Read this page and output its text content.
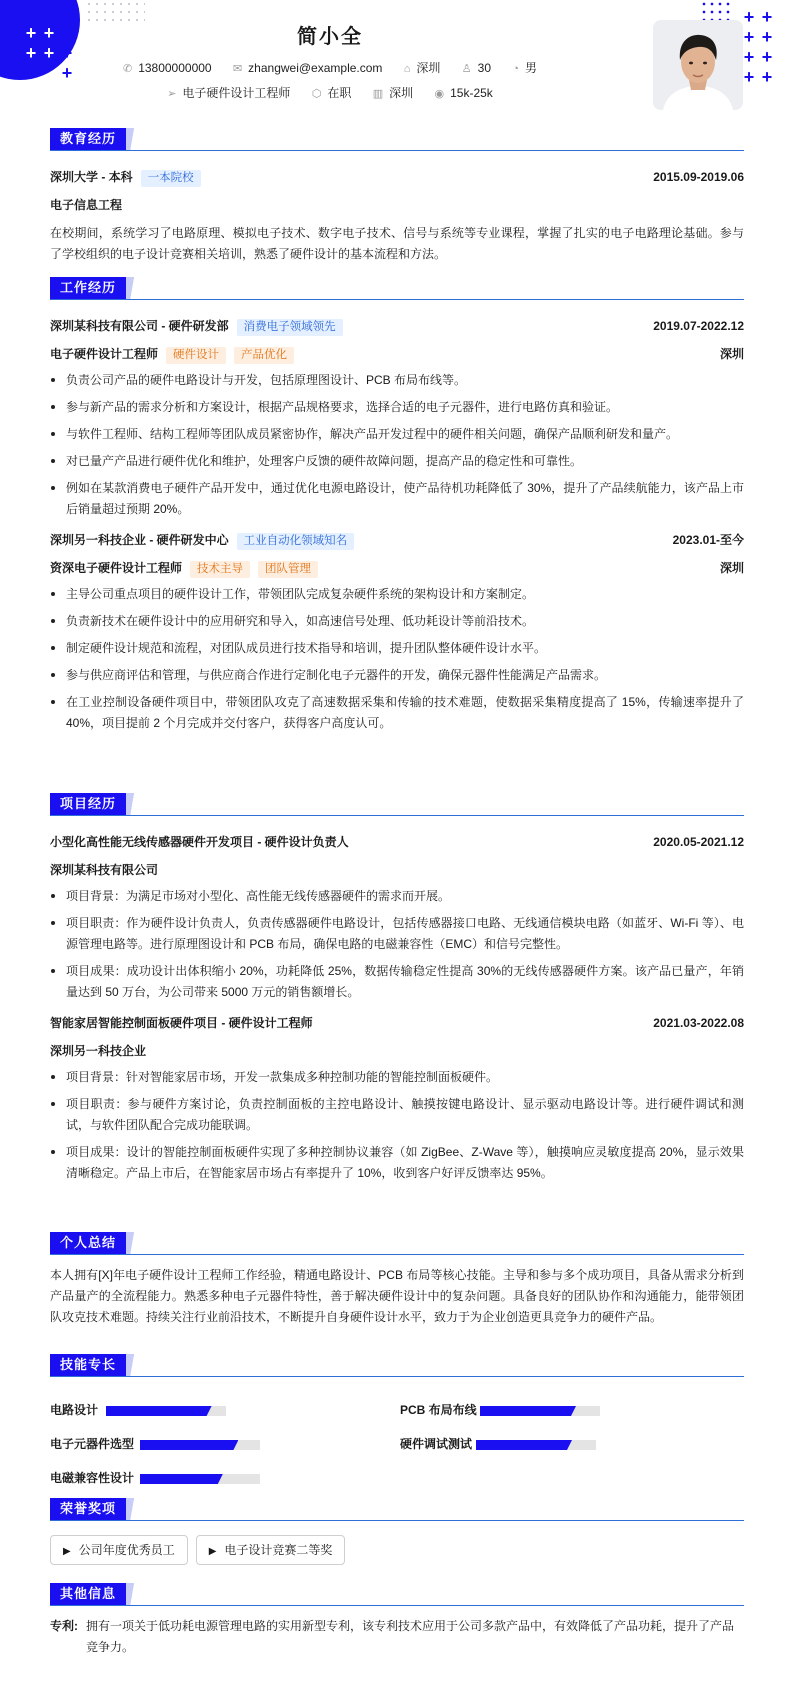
+ +
+ + +
+
+ +
+ +
+ +
+ +
简小全
✆ 13800000000 ✉ zhangwei@example.com ⌂ 深圳 ♙ 30 ◔ 男
➢ 电子硬件设计工程师 ⬡ 在职 ▥ 深圳 ◉ 15k-25k
教育经历
深圳大学 - 本科 一本院校	2015.09-2019.06
电子信息工程

在校期间，系统学习了电路原理、模拟电子技术、数字电子技术、信号与系统等专业课程，掌握了扎实的电子电路理论基础。参与了学校组织的电子设计竞赛相关培训，熟悉了硬件设计的基本流程和方法。

工作经历
深圳某科技有限公司 - 硬件研发部 消费电子领域领先	2019.07-2022.12
电子硬件设计工程师 硬件设计 产品优化	深圳
负责公司产品的硬件电路设计与开发，包括原理图设计、PCB 布局布线等。
参与新产品的需求分析和方案设计，根据产品规格要求，选择合适的电子元器件，进行电路仿真和验证。
与软件工程师、结构工程师等团队成员紧密协作，解决产品开发过程中的硬件相关问题，确保产品顺利研发和量产。
对已量产产品进行硬件优化和维护，处理客户反馈的硬件故障问题，提高产品的稳定性和可靠性。
例如在某款消费电子硬件产品开发中，通过优化电源电路设计，使产品待机功耗降低了 30%，提升了产品续航能力，该产品上市后销量超过预期 20%。
深圳另一科技企业 - 硬件研发中心 工业自动化领域知名	2023.01-至今
资深电子硬件设计工程师 技术主导 团队管理	深圳
主导公司重点项目的硬件设计工作，带领团队完成复杂硬件系统的架构设计和方案制定。
负责新技术在硬件设计中的应用研究和导入，如高速信号处理、低功耗设计等前沿技术。
制定硬件设计规范和流程，对团队成员进行技术指导和培训，提升团队整体硬件设计水平。
参与供应商评估和管理，与供应商合作进行定制化电子元器件的开发，确保元器件性能满足产品需求。
在工业控制设备硬件项目中，带领团队攻克了高速数据采集和传输的技术难题，使数据采集精度提高了 15%，传输速率提升了 40%，项目提前 2 个月完成并交付客户，获得客户高度认可。
项目经历
小型化高性能无线传感器硬件开发项目 - 硬件设计负责人	2020.05-2021.12
深圳某科技有限公司
项目背景：为满足市场对小型化、高性能无线传感器硬件的需求而开展。
项目职责：作为硬件设计负责人，负责传感器硬件电路设计，包括传感器接口电路、无线通信模块电路（如蓝牙、Wi-Fi 等）、电源管理电路等。进行原理图设计和 PCB 布局，确保电路的电磁兼容性（EMC）和信号完整性。
项目成果：成功设计出体积缩小 20%，功耗降低 25%，数据传输稳定性提高 30%的无线传感器硬件方案。该产品已量产，年销量达到 50 万台，为公司带来 5000 万元的销售额增长。
智能家居智能控制面板硬件项目 - 硬件设计工程师	2021.03-2022.08
深圳另一科技企业
项目背景：针对智能家居市场，开发一款集成多种控制功能的智能控制面板硬件。
项目职责：参与硬件方案讨论，负责控制面板的主控电路设计、触摸按键电路设计、显示驱动电路设计等。进行硬件调试和测试，与软件团队配合完成功能联调。
项目成果：设计的智能控制面板硬件实现了多种控制协议兼容（如 ZigBee、Z-Wave 等），触摸响应灵敏度提高 20%，显示效果清晰稳定。产品上市后，在智能家居市场占有率提升了 10%，收到客户好评反馈率达 95%。
个人总结

本人拥有[X]年电子硬件设计工程师工作经验，精通电路设计、PCB 布局等核心技能。主导和参与多个成功项目，具备从需求分析到产品量产的全流程能力。熟悉多种电子元器件特性，善于解决硬件设计中的复杂问题。具备良好的团队协作和沟通能力，能带领团队攻克技术难题。持续关注行业前沿技术，不断提升自身硬件设计水平，致力于为企业创造更具竞争力的硬件产品。

技能专长
电路设计	PCB 布局布线
电子元器件选型	硬件调试测试
电磁兼容性设计
荣誉奖项
▶ 公司年度优秀员工	▶ 电子设计竞赛二等奖
其他信息
专利: 拥有一项关于低功耗电源管理电路的实用新型专利，该专利技术应用于公司多款产品中，有效降低了产品功耗，提升了产品竞争力。
